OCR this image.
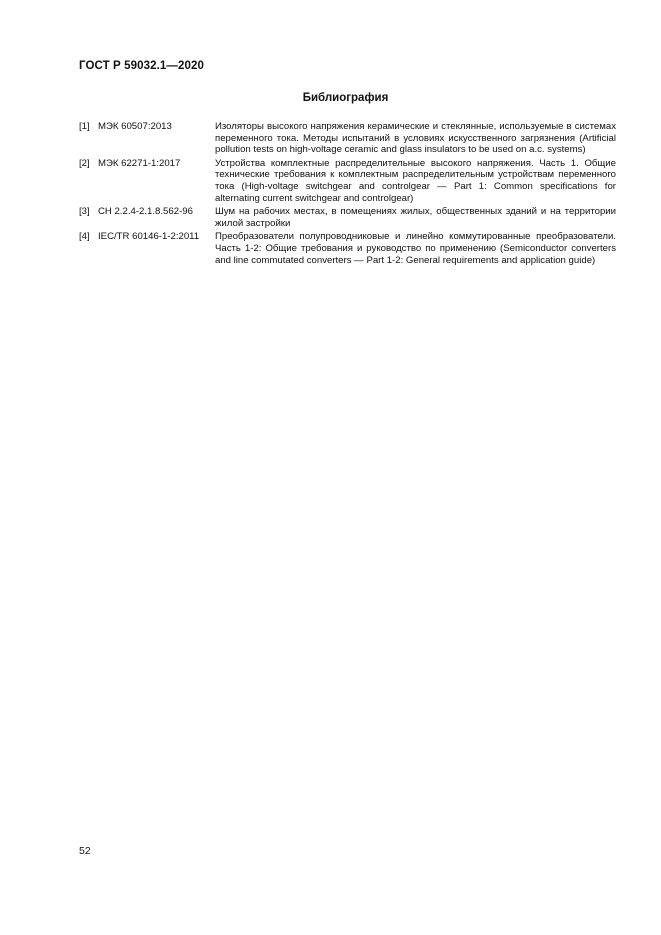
ГОСТ Р 59032.1—2020
Библиография
[1] МЭК 60507:2013	Изоляторы высокого напряжения керамические и стеклянные, используемые в системах переменного тока. Методы испытаний в условиях искусственного загрязнения (Artificial pollution tests on high-voltage ceramic and glass insulators to be used on a.c. systems)
[2] МЭК 62271-1:2017	Устройства комплектные распределительные высокого напряжения. Часть 1. Общие технические требования к комплектным распределительным устройствам переменного тока (High-voltage switchgear and controlgear — Part 1: Common specifications for alternating current switchgear and controlgear)
[3] СН 2.2.4-2.1.8.562-96	Шум на рабочих местах, в помещениях жилых, общественных зданий и на территории жилой застройки
[4] IEC/TR 60146-1-2:2011	Преобразователи полупроводниковые и линейно коммутированные преобразователи. Часть 1-2: Общие требования и руководство по применению (Semiconductor converters and line commutated converters — Part 1-2: General requirements and application guide)
52
